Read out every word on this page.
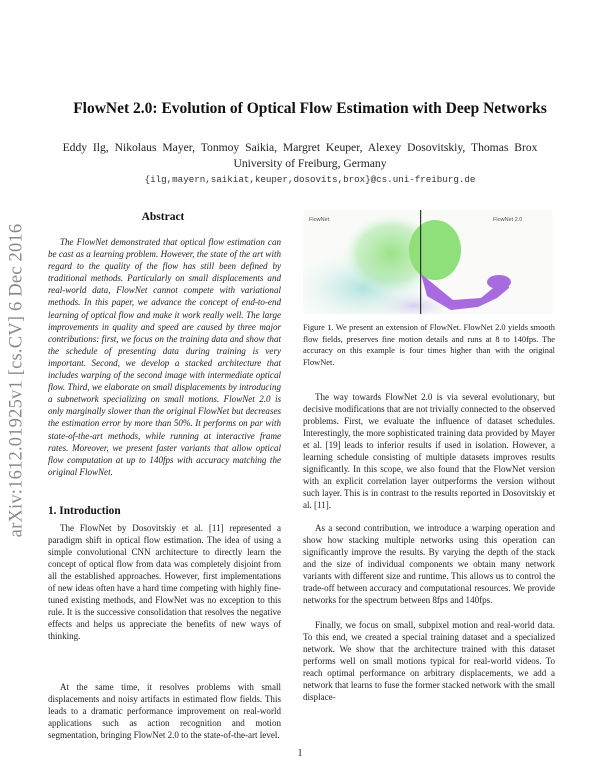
arXiv:1612.01925v1 [cs.CV] 6 Dec 2016
FlowNet 2.0: Evolution of Optical Flow Estimation with Deep Networks
Eddy Ilg, Nikolaus Mayer, Tonmoy Saikia, Margret Keuper, Alexey Dosovitskiy, Thomas Brox
University of Freiburg, Germany
{ilg,mayern,saikiat,keuper,dosovits,brox}@cs.uni-freiburg.de
Abstract

The FlowNet demonstrated that optical flow estimation can be cast as a learning problem. However, the state of the art with regard to the quality of the flow has still been defined by traditional methods. Particularly on small displacements and real-world data, FlowNet cannot compete with variational methods. In this paper, we advance the concept of end-to-end learning of optical flow and make it work really well. The large improvements in quality and speed are caused by three major contributions: first, we focus on the training data and show that the schedule of presenting data during training is very important. Second, we develop a stacked architecture that includes warping of the second image with intermediate optical flow. Third, we elaborate on small displacements by introducing a subnetwork specializing on small motions. FlowNet 2.0 is only marginally slower than the original FlowNet but decreases the estimation error by more than 50%. It performs on par with state-of-the-art methods, while running at interactive frame rates. Moreover, we present faster variants that allow optical flow computation at up to 140fps with accuracy matching the original FlowNet.

1. Introduction

The FlowNet by Dosovitskiy et al. [11] represented a paradigm shift in optical flow estimation. The idea of using a simple convolutional CNN architecture to directly learn the concept of optical flow from data was completely disjoint from all the established approaches. However, first implementations of new ideas often have a hard time competing with highly fine-tuned existing methods, and FlowNet was no exception to this rule. It is the successive consolidation that resolves the negative effects and helps us appreciate the benefits of new ways of thinking.

At the same time, it resolves problems with small displacements and noisy artifacts in estimated flow fields. This leads to a dramatic performance improvement on real-world applications such as action recognition and motion segmentation, bringing FlowNet 2.0 to the state-of-the-art level.

FlowNet	FlowNet 2.0

Figure 1. We present an extension of FlowNet. FlowNet 2.0 yields smooth flow fields, preserves fine motion details and runs at 8 to 140fps. The accuracy on this example is four times higher than with the original FlowNet.

The way towards FlowNet 2.0 is via several evolutionary, but decisive modifications that are not trivially connected to the observed problems. First, we evaluate the influence of dataset schedules. Interestingly, the more sophisticated training data provided by Mayer et al. [19] leads to inferior results if used in isolation. However, a learning schedule consisting of multiple datasets improves results significantly. In this scope, we also found that the FlowNet version with an explicit correlation layer outperforms the version without such layer. This is in contrast to the results reported in Dosovitskiy et al. [11].

As a second contribution, we introduce a warping operation and show how stacking multiple networks using this operation can significantly improve the results. By varying the depth of the stack and the size of individual components we obtain many network variants with different size and runtime. This allows us to control the trade-off between accuracy and computational resources. We provide networks for the spectrum between 8fps and 140fps.

Finally, we focus on small, subpixel motion and real-world data. To this end, we created a special training dataset and a specialized network. We show that the architecture trained with this dataset performs well on small motions typical for real-world videos. To reach optimal performance on arbitrary displacements, we add a network that learns to fuse the former stacked network with the small displace-

1
